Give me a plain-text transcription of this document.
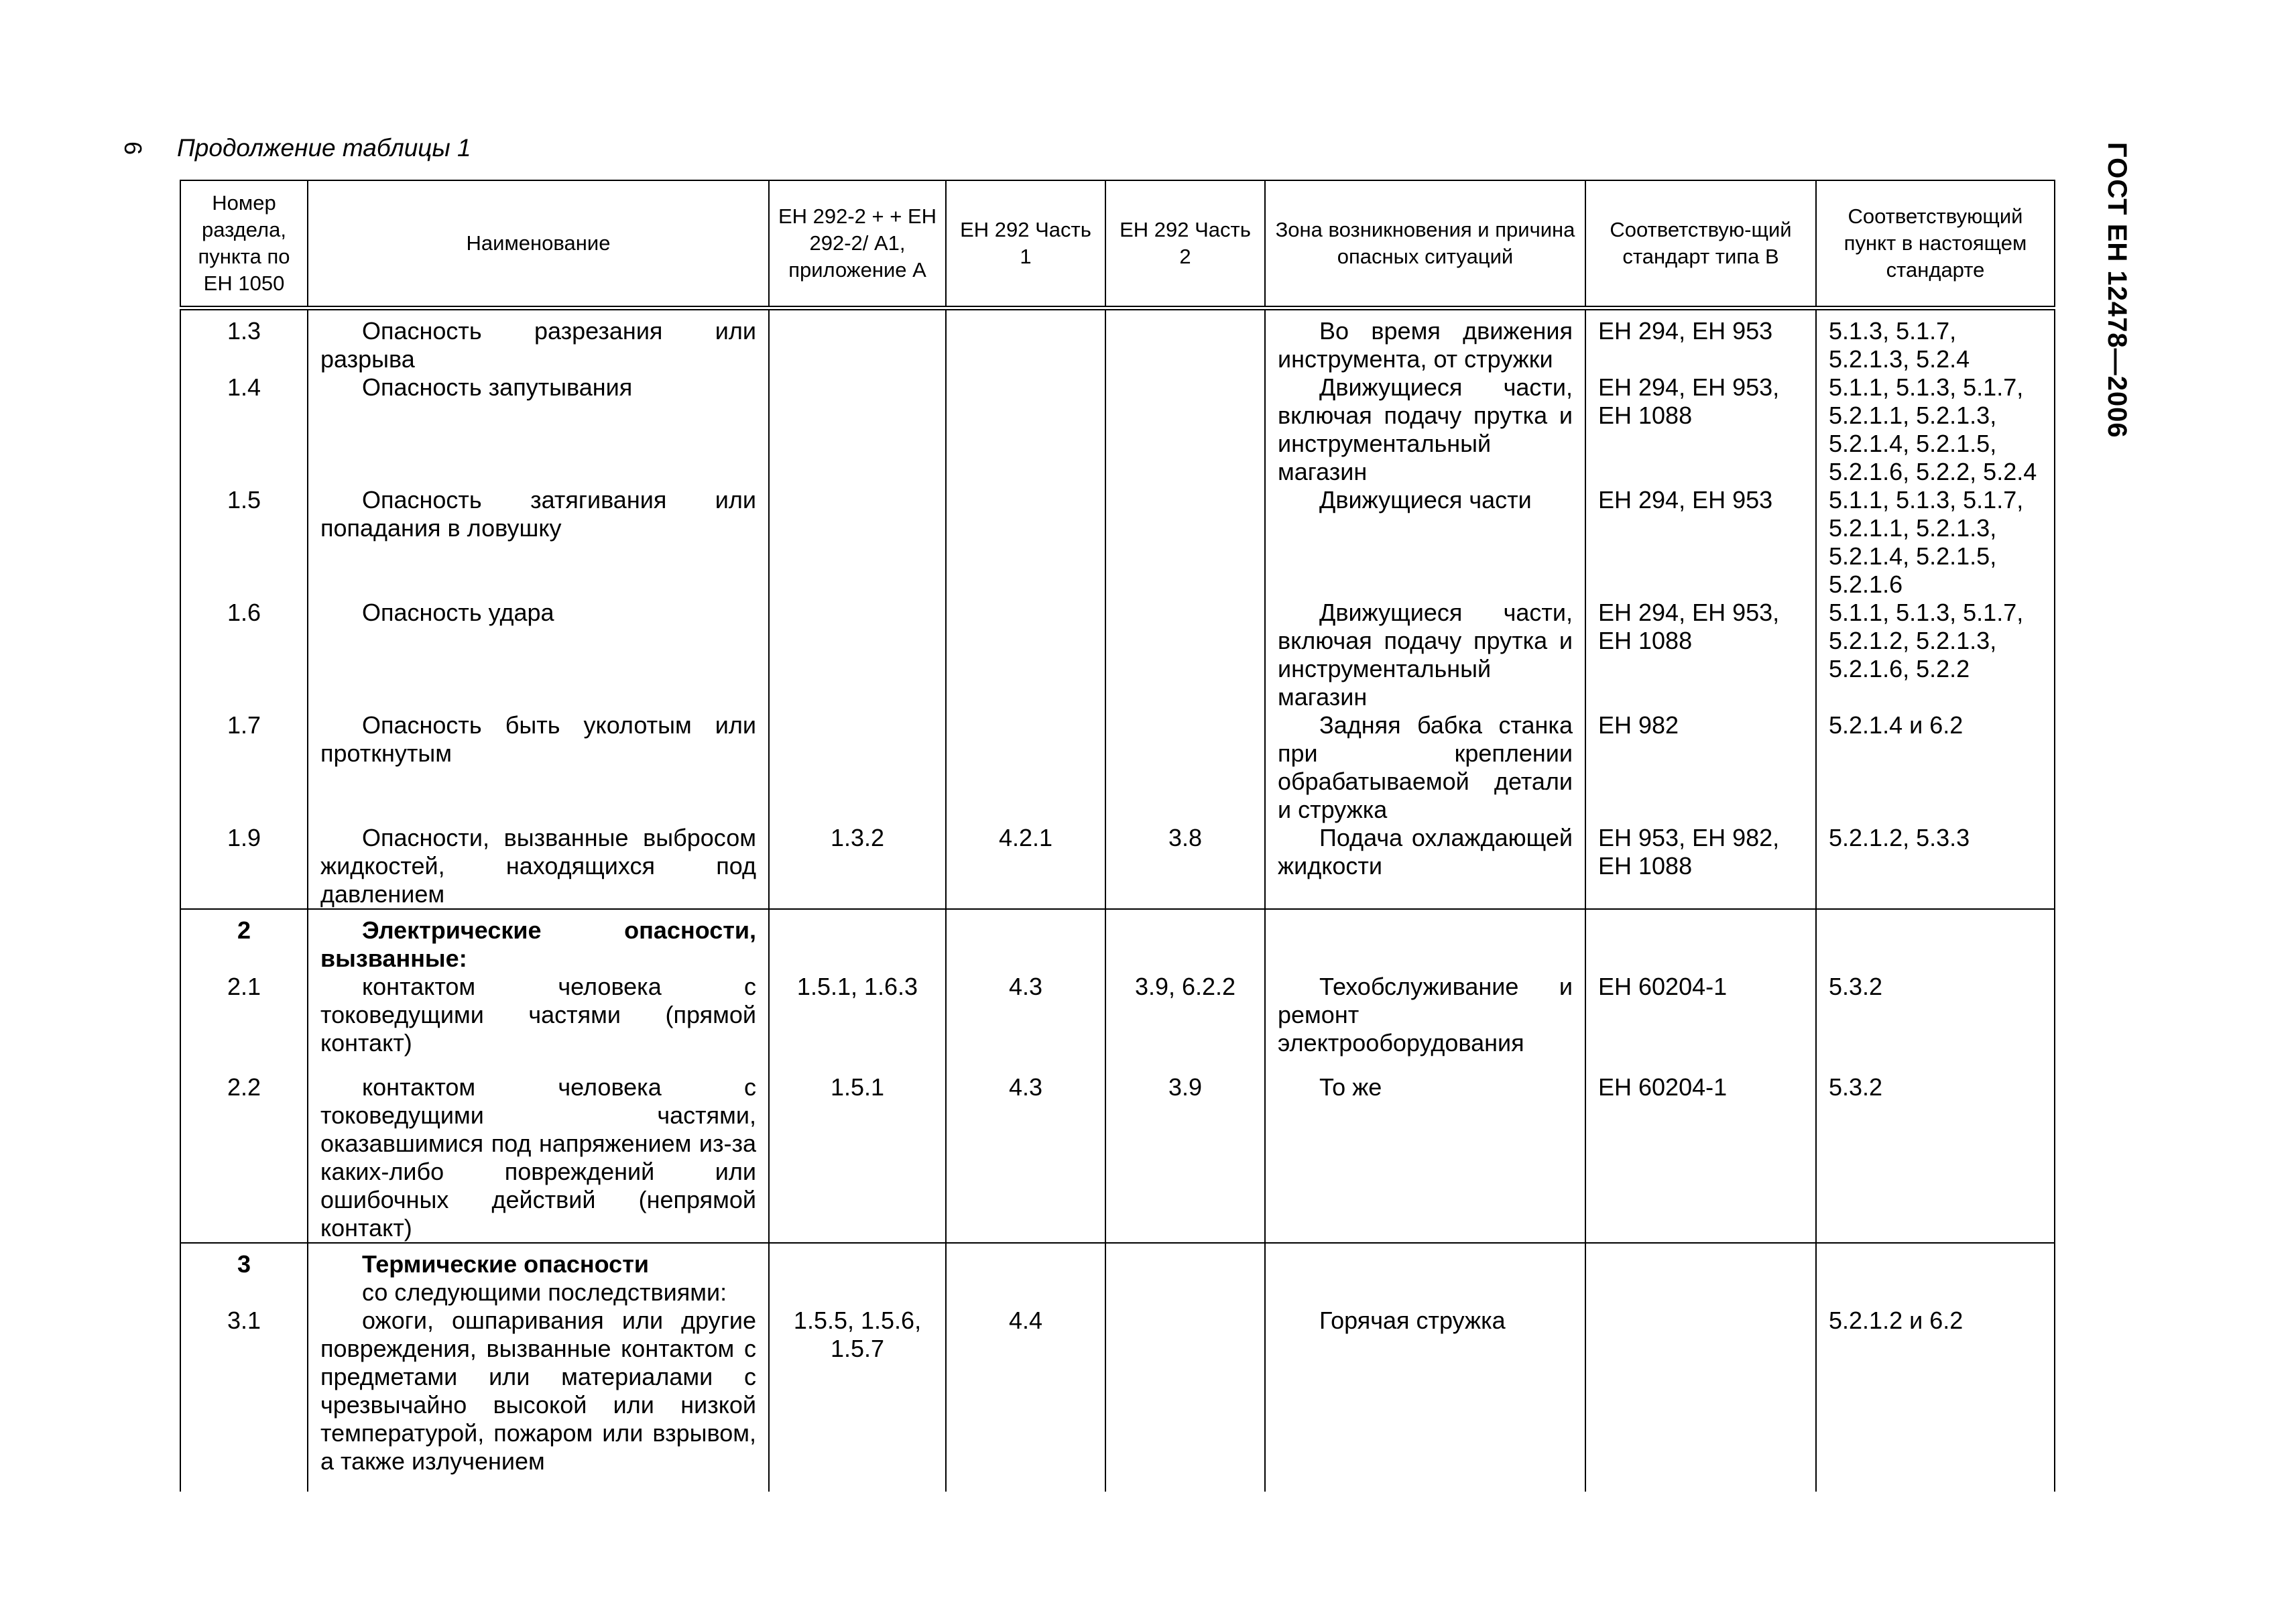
6 Продолжение таблицы 1	ГОСТ ЕН 12478—2006
Номер раздела, пункта по ЕН 1050	Наименование	ЕН 292-2 + + ЕН 292-2/ А1, приложение А	ЕН 292 Часть 1	ЕН 292 Часть 2	Зона возникновения и причина опасных ситуаций	Соответствую-щий стандарт типа В	Соответствующий пункт в настоящем стандарте

1.3	Опасность разрезания или разрыва				Во время движения инструмента, от стружки	ЕН 294, ЕН 953	5.1.3, 5.1.7, 5.2.1.3, 5.2.4
1.4	Опасность запутывания				Движущиеся части, включая подачу прутка и инструментальный магазин	ЕН 294, ЕН 953, ЕН 1088	5.1.1, 5.1.3, 5.1.7, 5.2.1.1, 5.2.1.3, 5.2.1.4, 5.2.1.5, 5.2.1.6, 5.2.2, 5.2.4
1.5	Опасность затягивания или попадания в ловушку				Движущиеся части	ЕН 294, ЕН 953	5.1.1, 5.1.3, 5.1.7, 5.2.1.1, 5.2.1.3, 5.2.1.4, 5.2.1.5, 5.2.1.6
1.6	Опасность удара				Движущиеся части, включая подачу прутка и инструментальный магазин	ЕН 294, ЕН 953, ЕН 1088	5.1.1, 5.1.3, 5.1.7, 5.2.1.2, 5.2.1.3, 5.2.1.6, 5.2.2
1.7	Опасность быть уколотым или проткнутым				Задняя бабка станка при креплении обрабатываемой детали и стружка	ЕН 982	5.2.1.4 и 6.2
1.9	Опасности, вызванные выбросом жидкостей, находящихся под давлением	1.3.2	4.2.1	3.8	Подача охлаждающей жидкости	ЕН 953, ЕН 982, ЕН 1088	5.2.1.2, 5.3.3

2	Электрические опасности, вызванные:						

2.1	контактом человека с токоведущими частями (прямой контакт)	1.5.1, 1.6.3	4.3	3.9, 6.2.2	Техобслуживание и ремонт электрооборудования	ЕН 60204-1	5.3.2

2.2	контактом человека с токоведущими частями, оказавшимися под напряжением из-за каких-либо повреждений или ошибочных действий (непрямой контакт)	1.5.1	4.3	3.9	То же	ЕН 60204-1	5.3.2

3	Термические опасности						

	со следующими последствиями:						

3.1	ожоги, ошпаривания или другие повреждения, вызванные контактом с предметами или материалами с чрезвычайно высокой или низкой температурой, пожаром или взрывом, а также излучением	1.5.5, 1.5.6, 1.5.7	4.4		Горячая стружка		5.2.1.2 и 6.2
